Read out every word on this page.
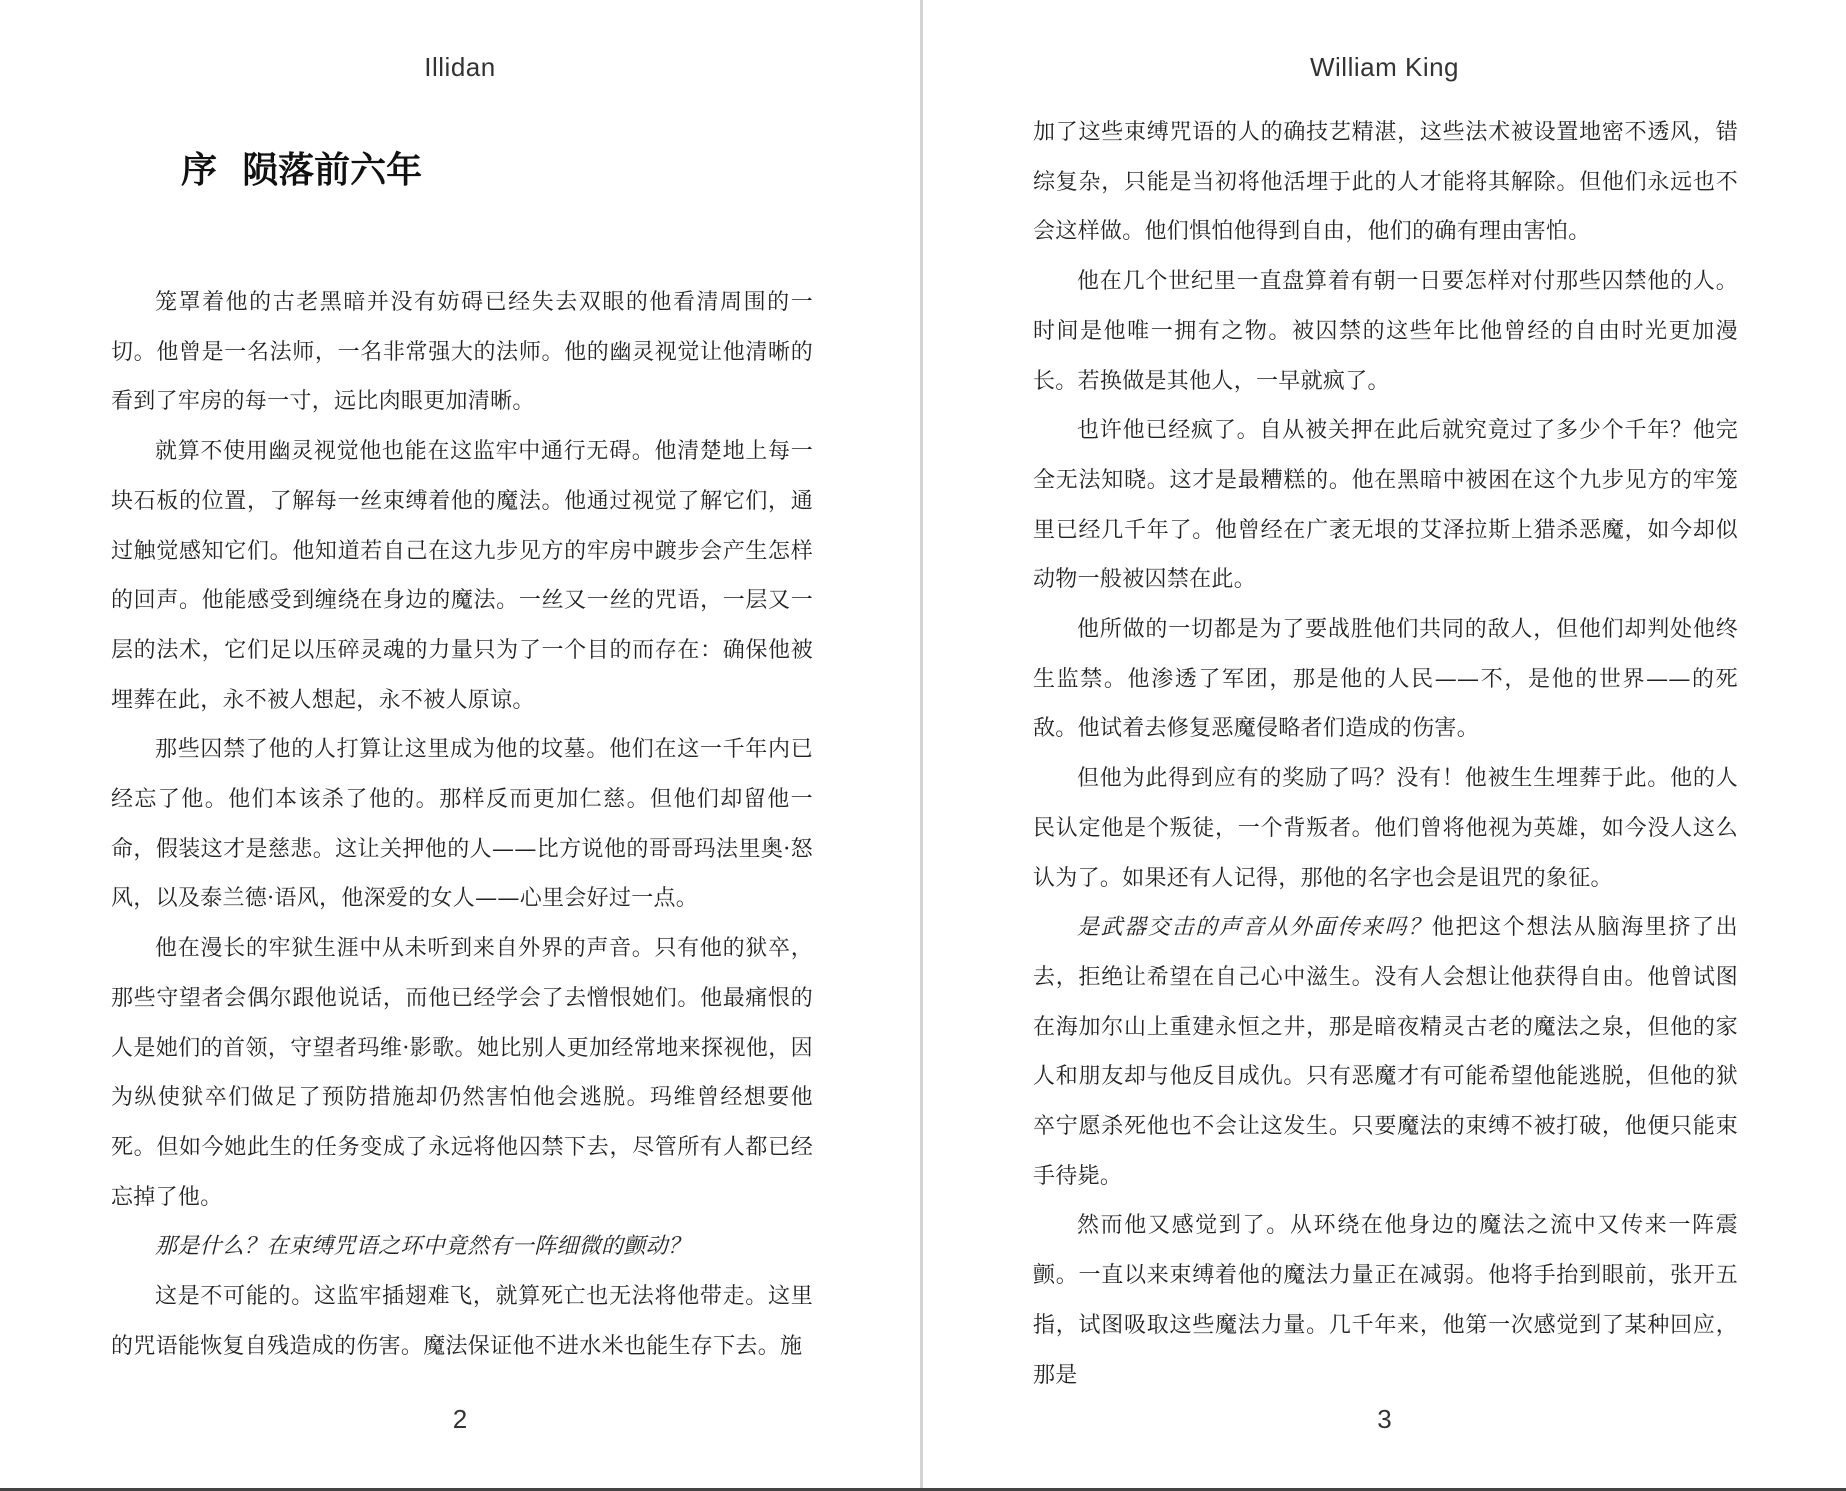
Illidan
序  陨落前六年

笼罩着他的古老黑暗并没有妨碍已经失去双眼的他看清周围的一切。他曾是一名法师，一名非常强大的法师。他的幽灵视觉让他清晰的看到了牢房的每一寸，远比肉眼更加清晰。

就算不使用幽灵视觉他也能在这监牢中通行无碍。他清楚地上每一块石板的位置，了解每一丝束缚着他的魔法。他通过视觉了解它们，通过触觉感知它们。他知道若自己在这九步见方的牢房中踱步会产生怎样的回声。他能感受到缠绕在身边的魔法。一丝又一丝的咒语，一层又一层的法术，它们足以压碎灵魂的力量只为了一个目的而存在：确保他被埋葬在此，永不被人想起，永不被人原谅。

那些囚禁了他的人打算让这里成为他的坟墓。他们在这一千年内已经忘了他。他们本该杀了他的。那样反而更加仁慈。但他们却留他一命，假装这才是慈悲。这让关押他的人——比方说他的哥哥玛法里奥·怒风，以及泰兰德·语风，他深爱的女人——心里会好过一点。

他在漫长的牢狱生涯中从未听到来自外界的声音。只有他的狱卒，那些守望者会偶尔跟他说话，而他已经学会了去憎恨她们。他最痛恨的人是她们的首领，守望者玛维·影歌。她比别人更加经常地来探视他，因为纵使狱卒们做足了预防措施却仍然害怕他会逃脱。玛维曾经想要他死。但如今她此生的任务变成了永远将他囚禁下去，尽管所有人都已经忘掉了他。

那是什么？在束缚咒语之环中竟然有一阵细微的颤动？

这是不可能的。这监牢插翅难飞，就算死亡也无法将他带走。这里的咒语能恢复自残造成的伤害。魔法保证他不进水米也能生存下去。施

2
William King

加了这些束缚咒语的人的确技艺精湛，这些法术被设置地密不透风，错综复杂，只能是当初将他活埋于此的人才能将其解除。但他们永远也不会这样做。他们惧怕他得到自由，他们的确有理由害怕。

他在几个世纪里一直盘算着有朝一日要怎样对付那些囚禁他的人。时间是他唯一拥有之物。被囚禁的这些年比他曾经的自由时光更加漫长。若换做是其他人，一早就疯了。

也许他已经疯了。自从被关押在此后就究竟过了多少个千年？他完全无法知晓。这才是最糟糕的。他在黑暗中被困在这个九步见方的牢笼里已经几千年了。他曾经在广袤无垠的艾泽拉斯上猎杀恶魔，如今却似动物一般被囚禁在此。

他所做的一切都是为了要战胜他们共同的敌人，但他们却判处他终生监禁。他渗透了军团，那是他的人民——不，是他的世界——的死敌。他试着去修复恶魔侵略者们造成的伤害。

但他为此得到应有的奖励了吗？没有！他被生生埋葬于此。他的人民认定他是个叛徒，一个背叛者。他们曾将他视为英雄，如今没人这么认为了。如果还有人记得，那他的名字也会是诅咒的象征。

是武器交击的声音从外面传来吗？他把这个想法从脑海里挤了出去，拒绝让希望在自己心中滋生。没有人会想让他获得自由。他曾试图在海加尔山上重建永恒之井，那是暗夜精灵古老的魔法之泉，但他的家人和朋友却与他反目成仇。只有恶魔才有可能希望他能逃脱，但他的狱卒宁愿杀死他也不会让这发生。只要魔法的束缚不被打破，他便只能束手待毙。

然而他又感觉到了。从环绕在他身边的魔法之流中又传来一阵震颤。一直以来束缚着他的魔法力量正在减弱。他将手抬到眼前，张开五指，试图吸取这些魔法力量。几千年来，他第一次感觉到了某种回应，那是

3
